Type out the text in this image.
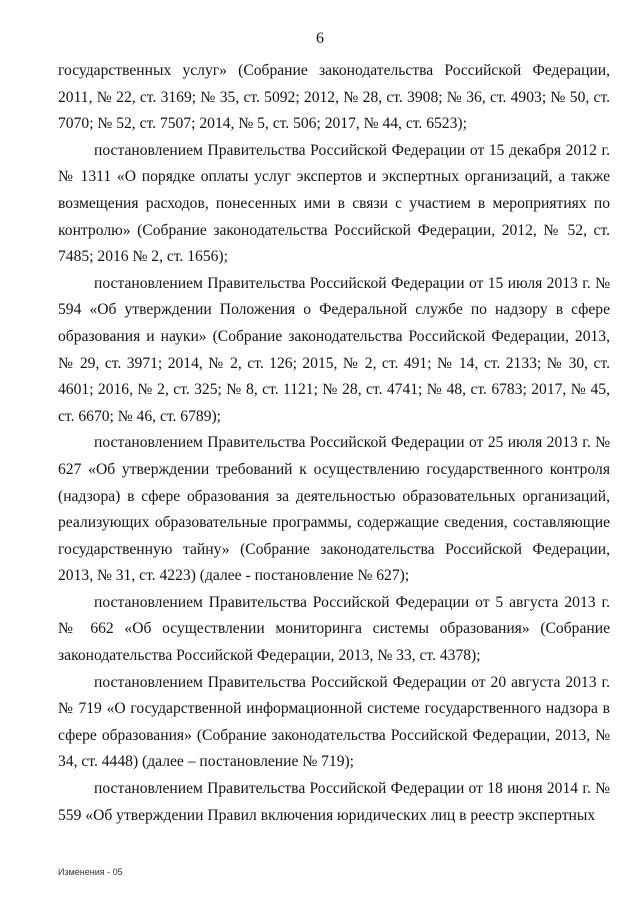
6

государственных услуг» (Собрание законодательства Российской Федерации, 2011, № 22, ст. 3169; № 35, ст. 5092; 2012, № 28, ст. 3908; № 36, ст. 4903; № 50, ст. 7070; № 52, ст. 7507; 2014, № 5, ст. 506; 2017, № 44, ст. 6523);

постановлением Правительства Российской Федерации от 15 декабря 2012 г. № 1311 «О порядке оплаты услуг экспертов и экспертных организаций, а также возмещения расходов, понесенных ими в связи с участием в мероприятиях по контролю» (Собрание законодательства Российской Федерации, 2012, № 52, ст. 7485; 2016 № 2, ст. 1656);

постановлением Правительства Российской Федерации от 15 июля 2013 г. № 594 «Об утверждении Положения о Федеральной службе по надзору в сфере образования и науки» (Собрание законодательства Российской Федерации, 2013, № 29, ст. 3971; 2014, № 2, ст. 126; 2015, № 2, ст. 491; № 14, ст. 2133; № 30, ст. 4601; 2016, № 2, ст. 325; № 8, ст. 1121; № 28, ст. 4741; № 48, ст. 6783; 2017, № 45, ст. 6670; № 46, ст. 6789);

постановлением Правительства Российской Федерации от 25 июля 2013 г. № 627 «Об утверждении требований к осуществлению государственного контроля (надзора) в сфере образования за деятельностью образовательных организаций, реализующих образовательные программы, содержащие сведения, составляющие государственную тайну» (Собрание законодательства Российской Федерации, 2013, № 31, ст. 4223) (далее - постановление № 627);

постановлением Правительства Российской Федерации от 5 августа 2013 г. № 662 «Об осуществлении мониторинга системы образования» (Собрание законодательства Российской Федерации, 2013, № 33, ст. 4378);

постановлением Правительства Российской Федерации от 20 августа 2013 г. № 719 «О государственной информационной системе государственного надзора в сфере образования» (Собрание законодательства Российской Федерации, 2013, № 34, ст. 4448) (далее – постановление № 719);

постановлением Правительства Российской Федерации от 18 июня 2014 г. № 559 «Об утверждении Правил включения юридических лиц в реестр экспертных

Изменения - 05
